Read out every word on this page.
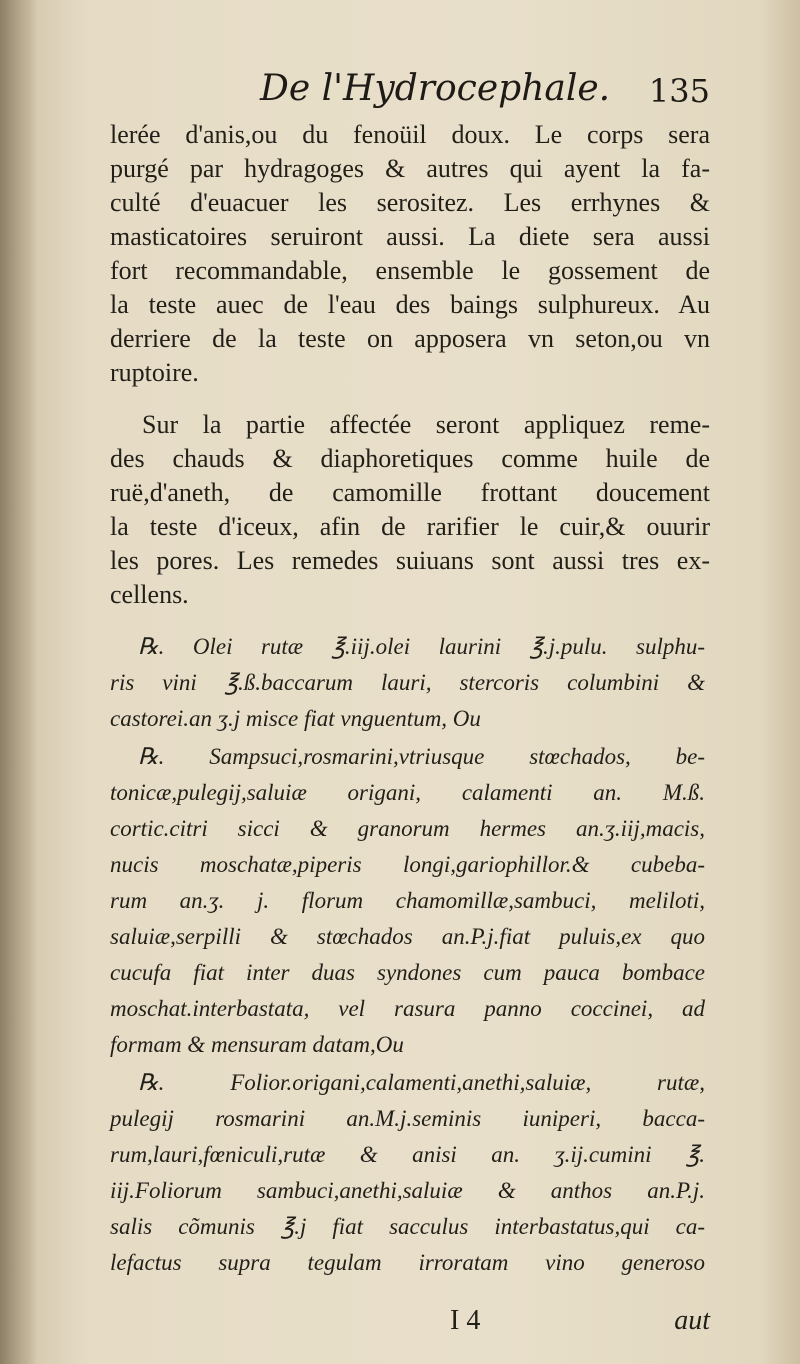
De l'Hydrocephale. 135
lerée d'anis,ou du fenoüil doux. Le corps sera
purgé par hydragoges & autres qui ayent la fa-
culté d'euacuer les serositez. Les errhynes &
masticatoires seruiront aussi. La diete sera aussi
fort recommandable, ensemble le gossement de
la teste auec de l'eau des baings sulphureux. Au
derriere de la teste on apposera vn seton,ou vn
ruptoire.
Sur la partie affectée seront appliquez reme-
des chauds & diaphoretiques comme huile de
ruë,d'aneth, de camomille frottant doucement
la teste d'iceux, afin de rarifier le cuir,& ouurir
les pores. Les remedes suiuans sont aussi tres ex-
cellens.
℞. Olei rutæ ℥.iij.olei laurini ℥.j.pulu. sulphu-
ris vini ℥.ß.baccarum lauri, stercoris columbini &
castorei.an ʒ.j misce fiat vnguentum, Ou
℞. Sampsuci,rosmarini,vtriusque stœchados, be-
tonicæ,pulegij,saluiæ origani, calamenti an. M.ß.
cortic.citri sicci & granorum hermes an.ʒ.iij,macis,
nucis moschatæ,piperis longi,gariophillor.& cubeba-
rum an.ʒ. j. florum chamomillæ,sambuci, meliloti,
saluiæ,serpilli & stœchados an.P.j.fiat puluis,ex quo
cucufa fiat inter duas syndones cum pauca bombace
moschat.interbastata, vel rasura panno coccinei, ad
formam & mensuram datam,Ou
℞. Folior.origani,calamenti,anethi,saluiæ, rutæ,
pulegij rosmarini an.M.j.seminis iuniperi, bacca-
rum,lauri,fœniculi,rutæ & anisi an. ʒ.ij.cumini ℥.
iij.Foliorum sambuci,anethi,saluiæ & anthos an.P.j.
salis cõmunis ℥.j fiat sacculus interbastatus,qui ca-
lefactus supra tegulam irroratam vino generoso
I 4	aut
